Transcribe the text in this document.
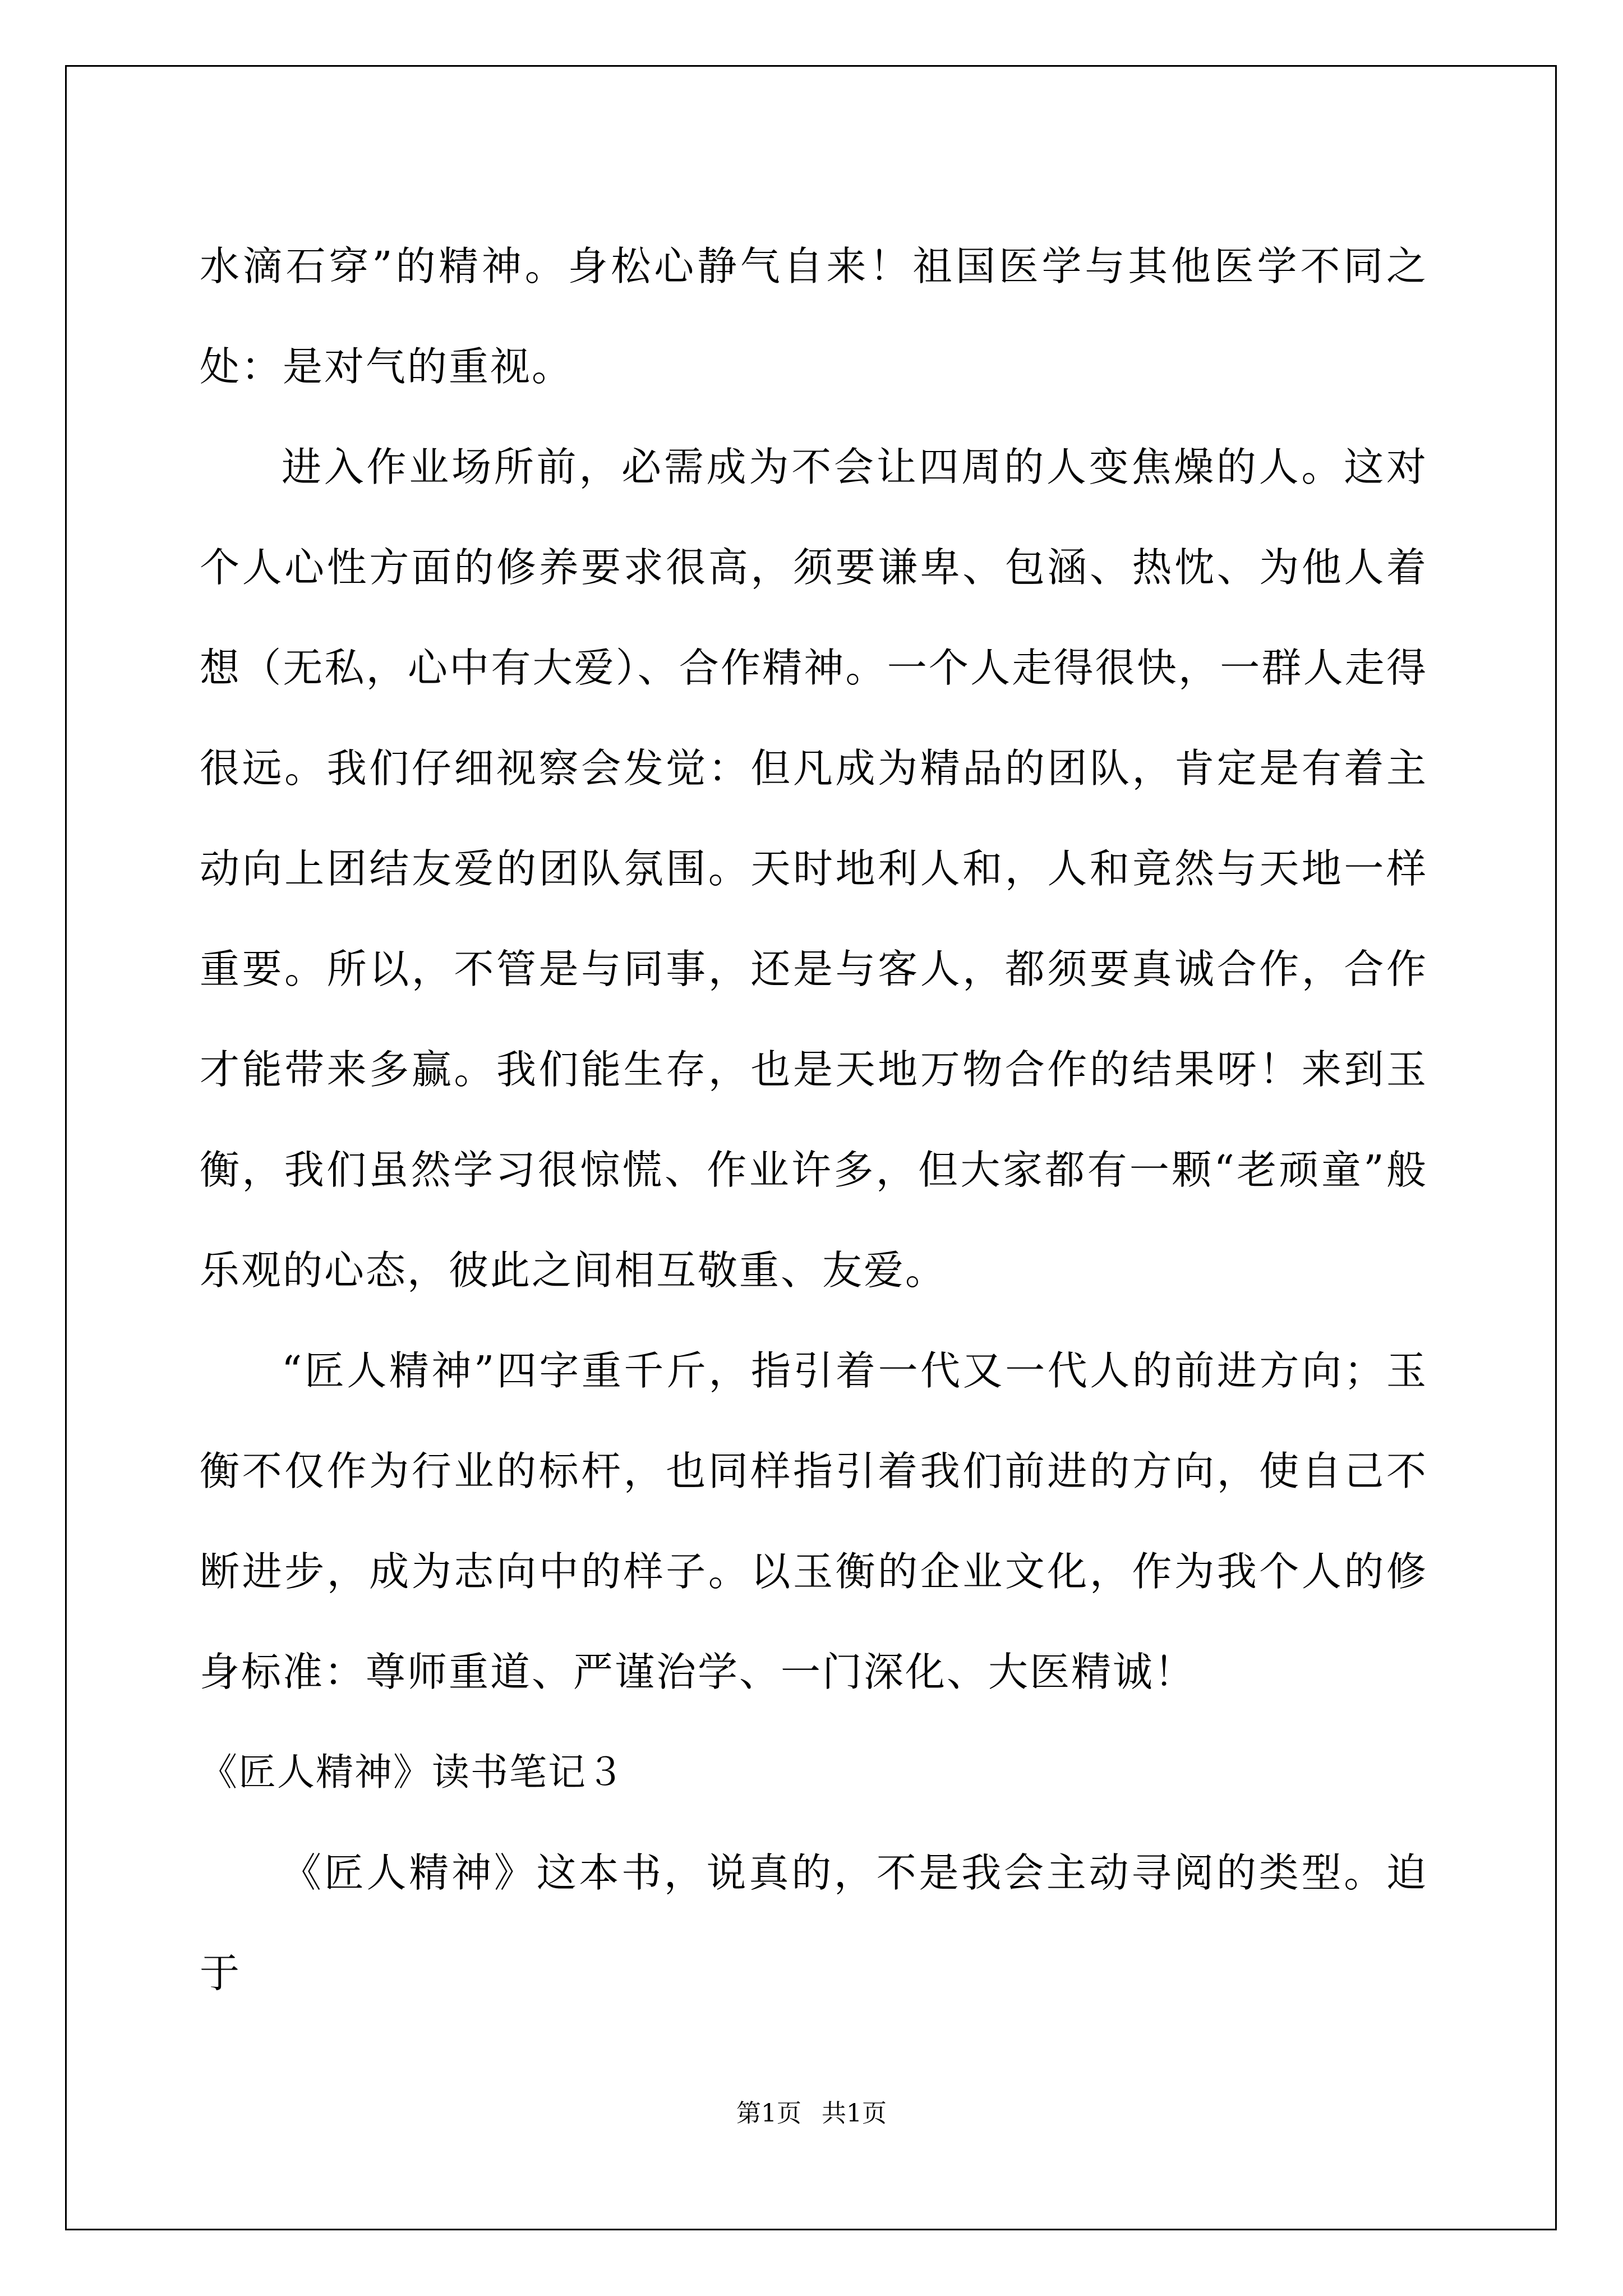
水滴石穿”的精神。身松心静气自来！祖国医学与其他医学不同之处：是对气的重视。

进入作业场所前，必需成为不会让四周的人变焦燥的人。这对个人心性方面的修养要求很高，须要谦卑、包涵、热忱、为他人着想（无私，心中有大爱）、合作精神。一个人走得很快，一群人走得很远。我们仔细视察会发觉：但凡成为精品的团队，肯定是有着主动向上团结友爱的团队氛围。天时地利人和，人和竟然与天地一样重要。所以，不管是与同事，还是与客人，都须要真诚合作，合作才能带来多赢。我们能生存，也是天地万物合作的结果呀！来到玉衡，我们虽然学习很惊慌、作业许多，但大家都有一颗“老顽童”般乐观的心态，彼此之间相互敬重、友爱。

“匠人精神”四字重千斤，指引着一代又一代人的前进方向；玉衡不仅作为行业的标杆，也同样指引着我们前进的方向，使自己不断进步，成为志向中的样子。以玉衡的企业文化，作为我个人的修身标准：尊师重道、严谨治学、一门深化、大医精诚！

《匠人精神》读书笔记３

《匠人精神》这本书，说真的，不是我会主动寻阅的类型。迫于

第1页 共1页
